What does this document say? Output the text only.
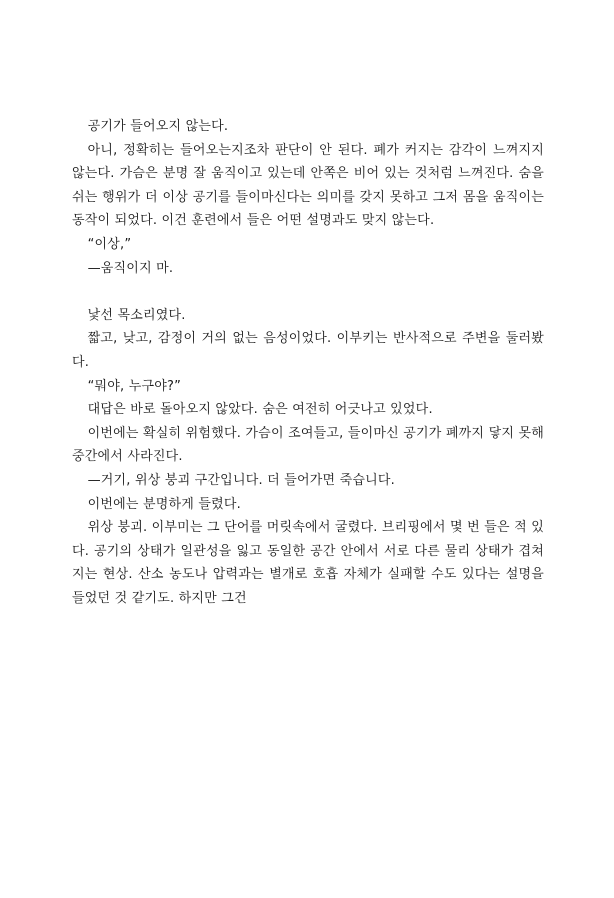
공기가 들어오지 않는다.

아니, 정확히는 들어오는지조차 판단이 안 된다. 폐가 커지는 감각이 느껴지지 않는다. 가슴은 분명 잘 움직이고 있는데 안쪽은 비어 있는 것처럼 느껴진다. 숨을 쉬는 행위가 더 이상 공기를 들이마신다는 의미를 갖지 못하고 그저 몸을 움직이는 동작이 되었다. 이건 훈련에서 들은 어떤 설명과도 맞지 않는다.

“이상,”

—움직이지 마.

낯선 목소리였다.

짧고, 낮고, 감정이 거의 없는 음성이었다. 이부키는 반사적으로 주변을 둘러봤다.

“뭐야, 누구야?”

대답은 바로 돌아오지 않았다. 숨은 여전히 어긋나고 있었다.

이번에는 확실히 위험했다. 가슴이 조여들고, 들이마신 공기가 폐까지 닿지 못해 중간에서 사라진다.

—거기, 위상 붕괴 구간입니다. 더 들어가면 죽습니다.

이번에는 분명하게 들렸다.

위상 붕괴. 이부미는 그 단어를 머릿속에서 굴렸다. 브리핑에서 몇 번 들은 적 있다. 공기의 상태가 일관성을 잃고 동일한 공간 안에서 서로 다른 물리 상태가 겹쳐지는 현상. 산소 농도나 압력과는 별개로 호흡 자체가 실패할 수도 있다는 설명을 들었던 것 같기도. 하지만 그건
